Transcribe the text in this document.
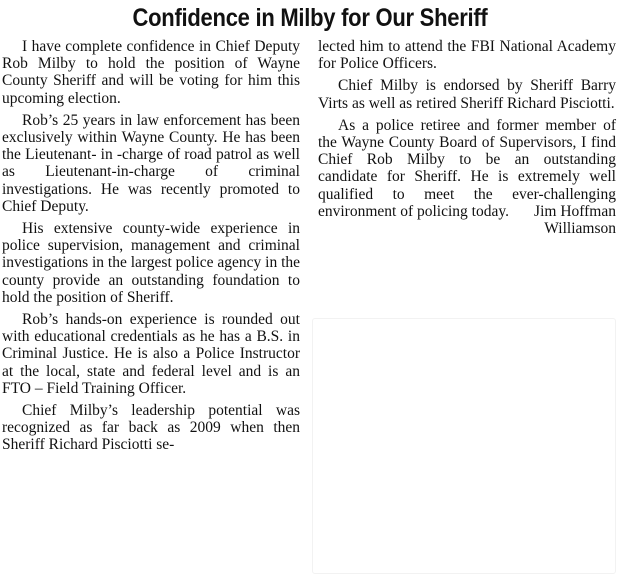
Confidence in Milby for Our Sheriff

I have complete confidence in Chief Deputy Rob Milby to hold the position of Wayne County Sheriff and will be voting for him this upcoming election.

Rob’s 25 years in law enforcement has been exclusively within Wayne County. He has been the Lieutenant- in -charge of road patrol as well as Lieutenant-in-charge of criminal investigations. He was recently promoted to Chief Deputy.

His extensive county-wide experience in police supervision, management and criminal investigations in the largest police agency in the county provide an outstanding foundation to hold the position of Sheriff.

Rob’s hands-on experience is rounded out with educational credentials as he has a B.S. in Criminal Justice. He is also a Police Instructor at the local, state and federal level and is an FTO – Field Training Officer.

Chief Milby’s leadership potential was recognized as far back as 2009 when then Sheriff Richard Pisciotti se-

lected him to attend the FBI National Academy for Police Officers.

Chief Milby is endorsed by Sheriff Barry Virts as well as retired Sheriff Richard Pisciotti.

As a police retiree and former member of the Wayne County Board of Supervisors, I find Chief Rob Milby to be an outstanding candidate for Sheriff. He is extremely well qualified to meet the ever-challenging environment of policing today.	Jim Hoffman
Williamson
